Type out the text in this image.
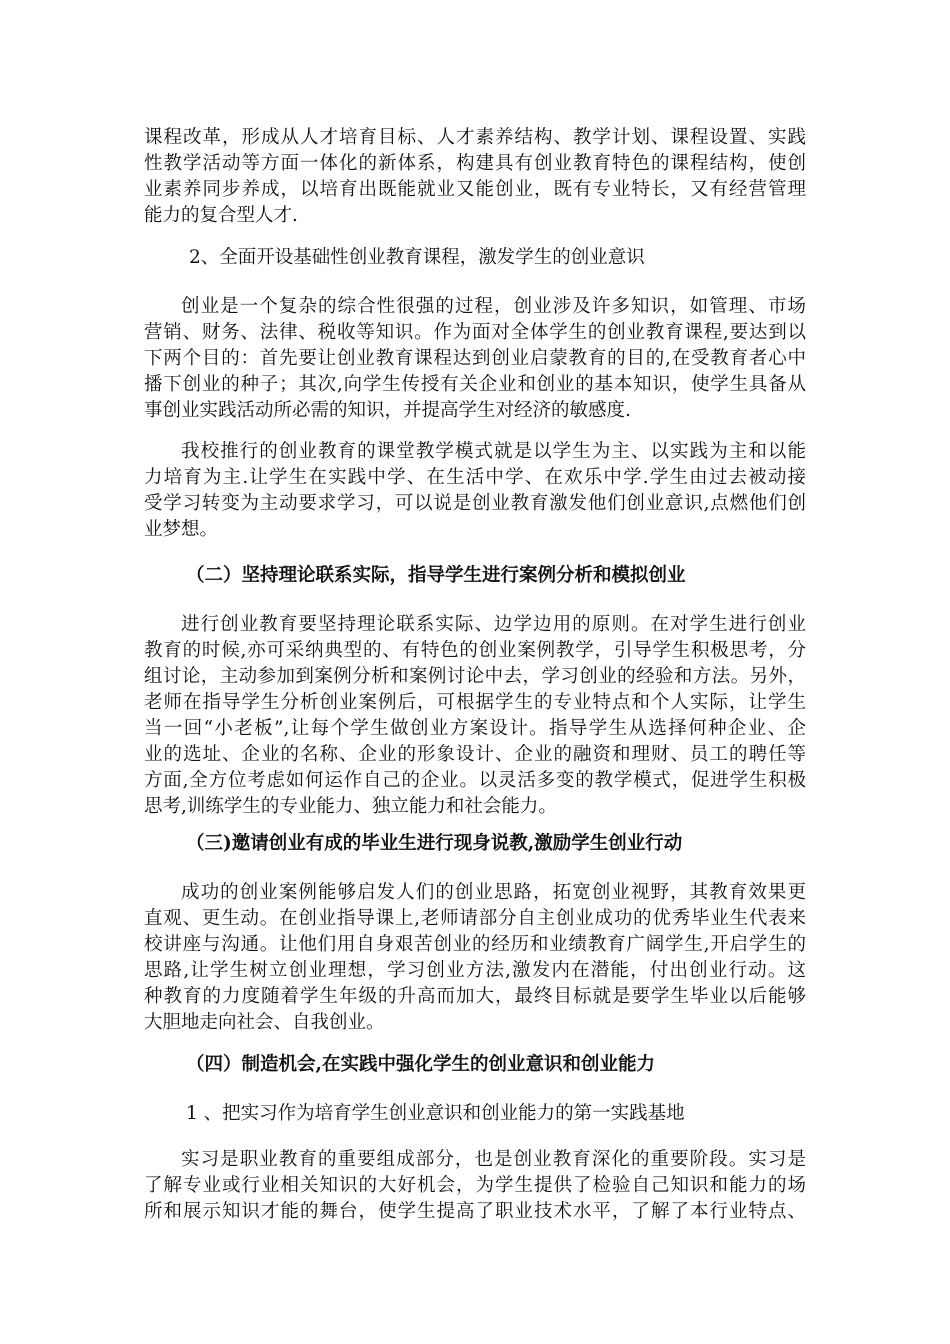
课程改革，形成从人才培育目标、人才素养结构、教学计划、课程设置、实践
性教学活动等方面一体化的新体系，构建具有创业教育特色的课程结构，使创
业素养同步养成，以培育出既能就业又能创业，既有专业特长，又有经营管理
能力的复合型人才.
2、全面开设基础性创业教育课程，激发学生的创业意识
创业是一个复杂的综合性很强的过程，创业涉及许多知识，如管理、市场
营销、财务、法律、税收等知识。作为面对全体学生的创业教育课程,要达到以
下两个目的：首先要让创业教育课程达到创业启蒙教育的目的,在受教育者心中
播下创业的种子；其次,向学生传授有关企业和创业的基本知识，使学生具备从
事创业实践活动所必需的知识，并提高学生对经济的敏感度.
我校推行的创业教育的课堂教学模式就是以学生为主、以实践为主和以能
力培育为主.让学生在实践中学、在生活中学、在欢乐中学.学生由过去被动接
受学习转变为主动要求学习，可以说是创业教育激发他们创业意识,点燃他们创
业梦想。
（二）坚持理论联系实际，指导学生进行案例分析和模拟创业
进行创业教育要坚持理论联系实际、边学边用的原则。在对学生进行创业
教育的时候,亦可采纳典型的、有特色的创业案例教学，引导学生积极思考，分
组讨论，主动参加到案例分析和案例讨论中去，学习创业的经验和方法。另外，
老师在指导学生分析创业案例后，可根据学生的专业特点和个人实际，让学生
当一回“小老板”,让每个学生做创业方案设计。指导学生从选择何种企业、企
业的选址、企业的名称、企业的形象设计、企业的融资和理财、员工的聘任等
方面,全方位考虑如何运作自己的企业。以灵活多变的教学模式，促进学生积极
思考,训练学生的专业能力、独立能力和社会能力。
（三)邀请创业有成的毕业生进行现身说教,激励学生创业行动
成功的创业案例能够启发人们的创业思路，拓宽创业视野，其教育效果更
直观、更生动。在创业指导课上,老师请部分自主创业成功的优秀毕业生代表来
校讲座与沟通。让他们用自身艰苦创业的经历和业绩教育广阔学生,开启学生的
思路,让学生树立创业理想，学习创业方法,激发内在潜能，付出创业行动。这
种教育的力度随着学生年级的升高而加大，最终目标就是要学生毕业以后能够
大胆地走向社会、自我创业。
（四）制造机会,在实践中强化学生的创业意识和创业能力
1 、把实习作为培育学生创业意识和创业能力的第一实践基地
实习是职业教育的重要组成部分，也是创业教育深化的重要阶段。实习是
了解专业或行业相关知识的大好机会，为学生提供了检验自己知识和能力的场
所和展示知识才能的舞台，使学生提高了职业技术水平，了解了本行业特点、
